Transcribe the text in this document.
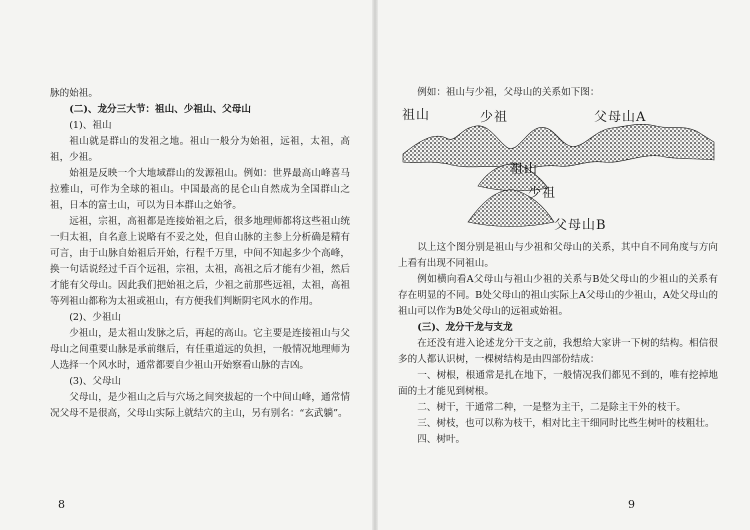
脉的始祖。

(二)、龙分三大节：祖山、少祖山、父母山

(1)、祖山

祖山就是群山的发祖之地。祖山一般分为始祖，远祖，太祖，高祖，少祖。

始祖是反映一个大地域群山的发源祖山。例如：世界最高山峰喜马拉雅山，可作为全球的祖山。中国最高的昆仑山自然成为全国群山之祖，日本的富士山，可以为日本群山之始爷。

远祖，宗祖，高祖都是连接始祖之后，很多地理师都将这些祖山统一归太祖，自名意上说略有不妥之处，但自山脉的主参上分析确是精有可言，由于山脉自始祖后开始，行程千万里，中间不知起多少个高峰，换一句话说经过千百个远祖，宗祖，太祖，高祖之后才能有少祖，然后才能有父母山。因此我们把始祖之后，少祖之前那些远祖，太祖，高祖等列祖山都称为太祖或祖山，有方便我们判断阴宅风水的作用。

(2)、少祖山

少祖山，是太祖山发脉之后，再起的高山。它主要是连接祖山与父母山之间重要山脉是承前继后，有任重道远的负担，一般情况地理师为人选择一个风水时，通常都要自少祖山开始察看山脉的吉凶。

(3)、父母山

父母山，是少祖山之后与穴场之间突拔起的一个中间山峰，通常情况父母不是很高，父母山实际上就结穴的主山，另有别名：“玄武躺”。

8
例如：祖山与少祖，父母山的关系如下图：
祖山	少祖	父母山A
祖山
少祖
父母山B

以上这个图分别是祖山与少祖和父母山的关系，其中自不同角度与方向上看有出现不同祖山。

例如横向看A父母山与祖山少祖的关系与B处父母山的少祖山的关系有存在明显的不同。B处父母山的祖山实际上A父母山的少祖山，A处父母山的祖山可以作为B处父母山的远祖或始祖。

(三)、龙分干龙与支龙

在还没有进入论述龙分干支之前，我想给大家讲一下树的结构。相信很多的人都认识树，一棵树结构是由四部份结成：

一、树根，根通常是扎在地下，一般情况我们都见不到的，唯有挖掉地面的土才能见到树根。

二、树干，干通常二种，一是整为主干，二是除主干外的枝干。

三、树枝，也可以称为枝干，相对比主干细同时比些生树叶的枝粗壮。

四、树叶。

9
